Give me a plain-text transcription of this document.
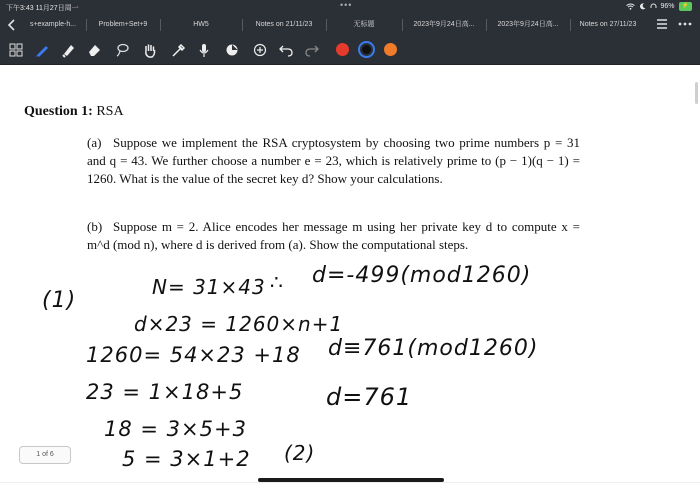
下午3:43 11月27日周一	•••	96%	⚡
s+example-h...	Problem+Set+9	HW5	Notes on 21/11/23	无标题	2023年9月24日高...	2023年9月24日高...	Notes on 27/11/23
Question 1: RSA
(a) Suppose we implement the RSA cryptosystem by choosing two prime numbers p = 31 and q = 43. We further choose a number e = 23, which is relatively prime to (p − 1)(q − 1) = 1260. What is the value of the secret key d? Show your calculations.
(b) Suppose m = 2. Alice encodes her message m using her private key d to compute x = m^d (mod n), where d is derived from (a). Show the computational steps.
(1)
N= 31×43 ∴ d=-499(mod1260)
d×23 = 1260×n+1
1260= 54×23 +18 d≡761(mod1260)
23 = 1×18+5	d=761
18 = 3×5+3
5 = 3×1+2 (2)
1 of 6
